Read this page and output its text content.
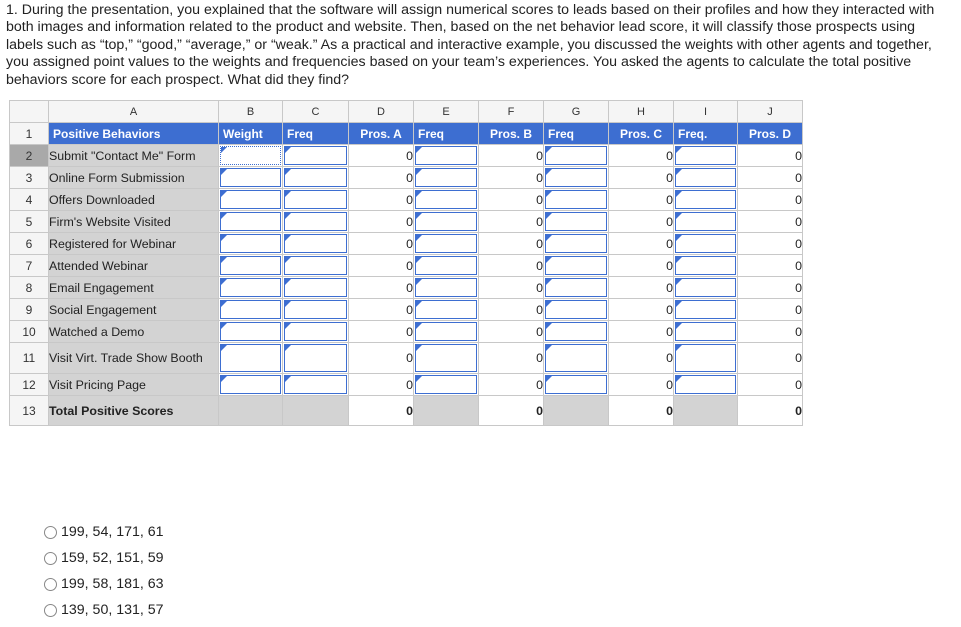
1. During the presentation, you explained that the software will assign numerical scores to leads based on their profiles and how they interacted with both images and information related to the product and website. Then, based on the net behavior lead score, it will classify those prospects using labels such as “top,” “good,” “average,” or “weak.” As a practical and interactive example, you discussed the weights with other agents and together, you assigned point values to the weights and frequencies based on your team’s experiences. You asked the agents to calculate the total positive behaviors score for each prospect. What did they find?
	A	B	C	D	E	F	G	H	I	J
1	Positive Behaviors	Weight	Freq	Pros. A	Freq	Pros. B	Freq	Pros. C	Freq.	Pros. D
2	Submit "Contact Me" Form			0		0		0		0
3	Online Form Submission			0		0		0		0
4	Offers Downloaded			0		0		0		0
5	Firm's Website Visited			0		0		0		0
6	Registered for Webinar			0		0		0		0
7	Attended Webinar			0		0		0		0
8	Email Engagement			0		0		0		0
9	Social Engagement			0		0		0		0
10	Watched a Demo			0		0		0		0
11	Visit Virt. Trade Show Booth			0		0		0		0
12	Visit Pricing Page			0		0		0		0
13	Total Positive Scores			0		0		0		0
199, 54, 171, 61
159, 52, 151, 59
199, 58, 181, 63
139, 50, 131, 57
